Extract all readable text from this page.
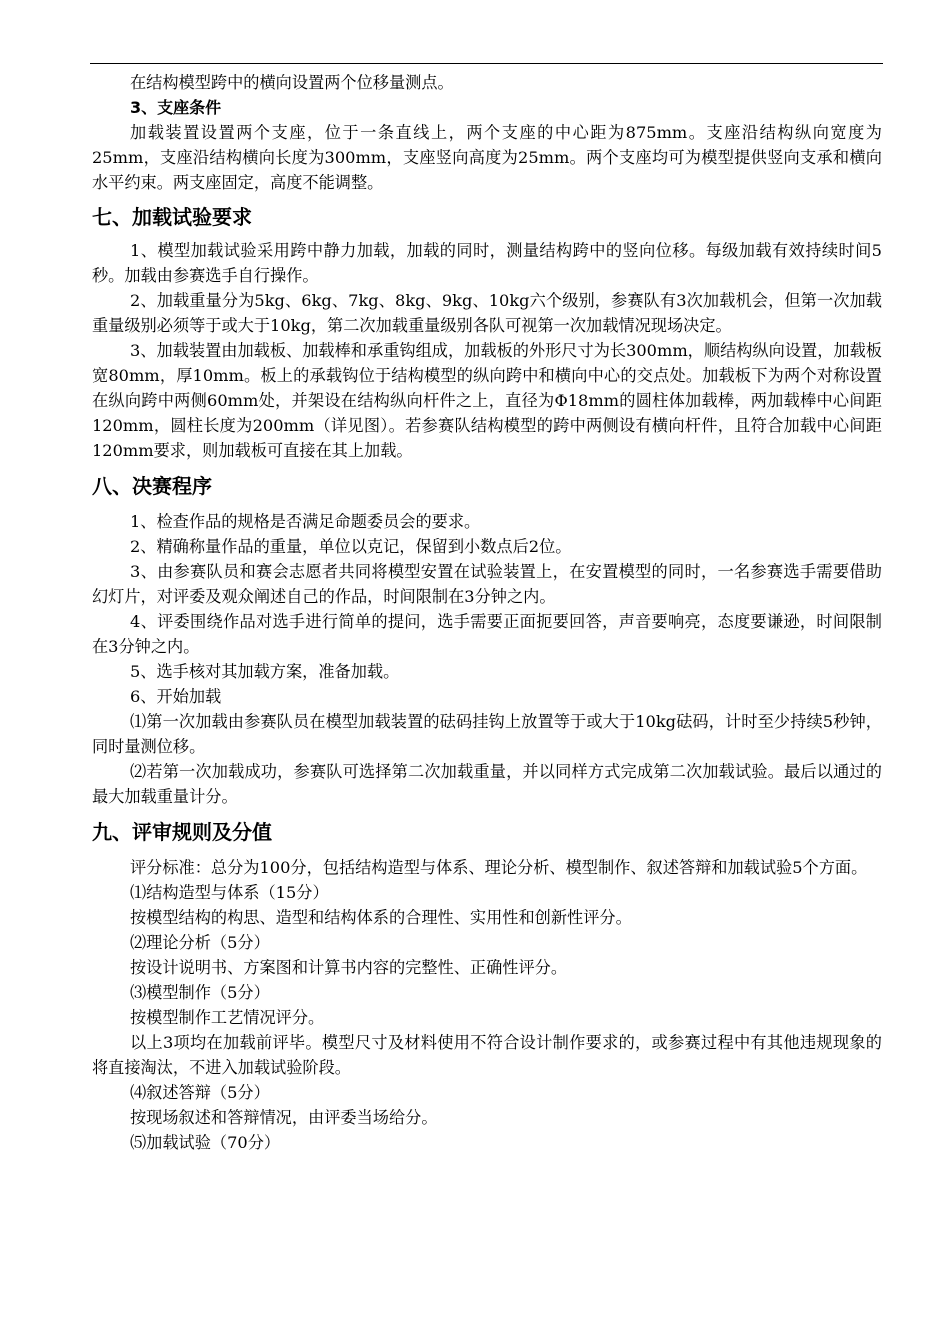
在结构模型跨中的横向设置两个位移量测点。

3、支座条件

加载装置设置两个支座，位于一条直线上，两个支座的中心距为875mm。支座沿结构纵向宽度为25mm，支座沿结构横向长度为300mm，支座竖向高度为25mm。两个支座均可为模型提供竖向支承和横向水平约束。两支座固定，高度不能调整。

七、加载试验要求

1、模型加载试验采用跨中静力加载，加载的同时，测量结构跨中的竖向位移。每级加载有效持续时间5秒。加载由参赛选手自行操作。

2、加载重量分为5kg、6kg、7kg、8kg、9kg、10kg六个级别，参赛队有3次加载机会，但第一次加载重量级别必须等于或大于10kg，第二次加载重量级别各队可视第一次加载情况现场决定。

3、加载装置由加载板、加载棒和承重钩组成，加载板的外形尺寸为长300mm，顺结构纵向设置，加载板宽80mm，厚10mm。板上的承载钩位于结构模型的纵向跨中和横向中心的交点处。加载板下为两个对称设置在纵向跨中两侧60mm处，并架设在结构纵向杆件之上，直径为Φ18mm的圆柱体加载棒，两加载棒中心间距120mm，圆柱长度为200mm（详见图）。若参赛队结构模型的跨中两侧设有横向杆件，且符合加载中心间距120mm要求，则加载板可直接在其上加载。

八、决赛程序

1、检查作品的规格是否满足命题委员会的要求。

2、精确称量作品的重量，单位以克记，保留到小数点后2位。

3、由参赛队员和赛会志愿者共同将模型安置在试验装置上，在安置模型的同时，一名参赛选手需要借助幻灯片，对评委及观众阐述自己的作品，时间限制在3分钟之内。

4、评委围绕作品对选手进行简单的提问，选手需要正面扼要回答，声音要响亮，态度要谦逊，时间限制在3分钟之内。

5、选手核对其加载方案，准备加载。

6、开始加载

⑴第一次加载由参赛队员在模型加载装置的砝码挂钩上放置等于或大于10kg砝码，计时至少持续5秒钟，同时量测位移。

⑵若第一次加载成功，参赛队可选择第二次加载重量，并以同样方式完成第二次加载试验。最后以通过的最大加载重量计分。

九、评审规则及分值

评分标准：总分为100分，包括结构造型与体系、理论分析、模型制作、叙述答辩和加载试验5个方面。

⑴结构造型与体系（15分）

按模型结构的构思、造型和结构体系的合理性、实用性和创新性评分。

⑵理论分析（5分）

按设计说明书、方案图和计算书内容的完整性、正确性评分。

⑶模型制作（5分）

按模型制作工艺情况评分。

以上3项均在加载前评毕。模型尺寸及材料使用不符合设计制作要求的，或参赛过程中有其他违规现象的将直接淘汰，不进入加载试验阶段。

⑷叙述答辩（5分）

按现场叙述和答辩情况，由评委当场给分。

⑸加载试验（70分）
